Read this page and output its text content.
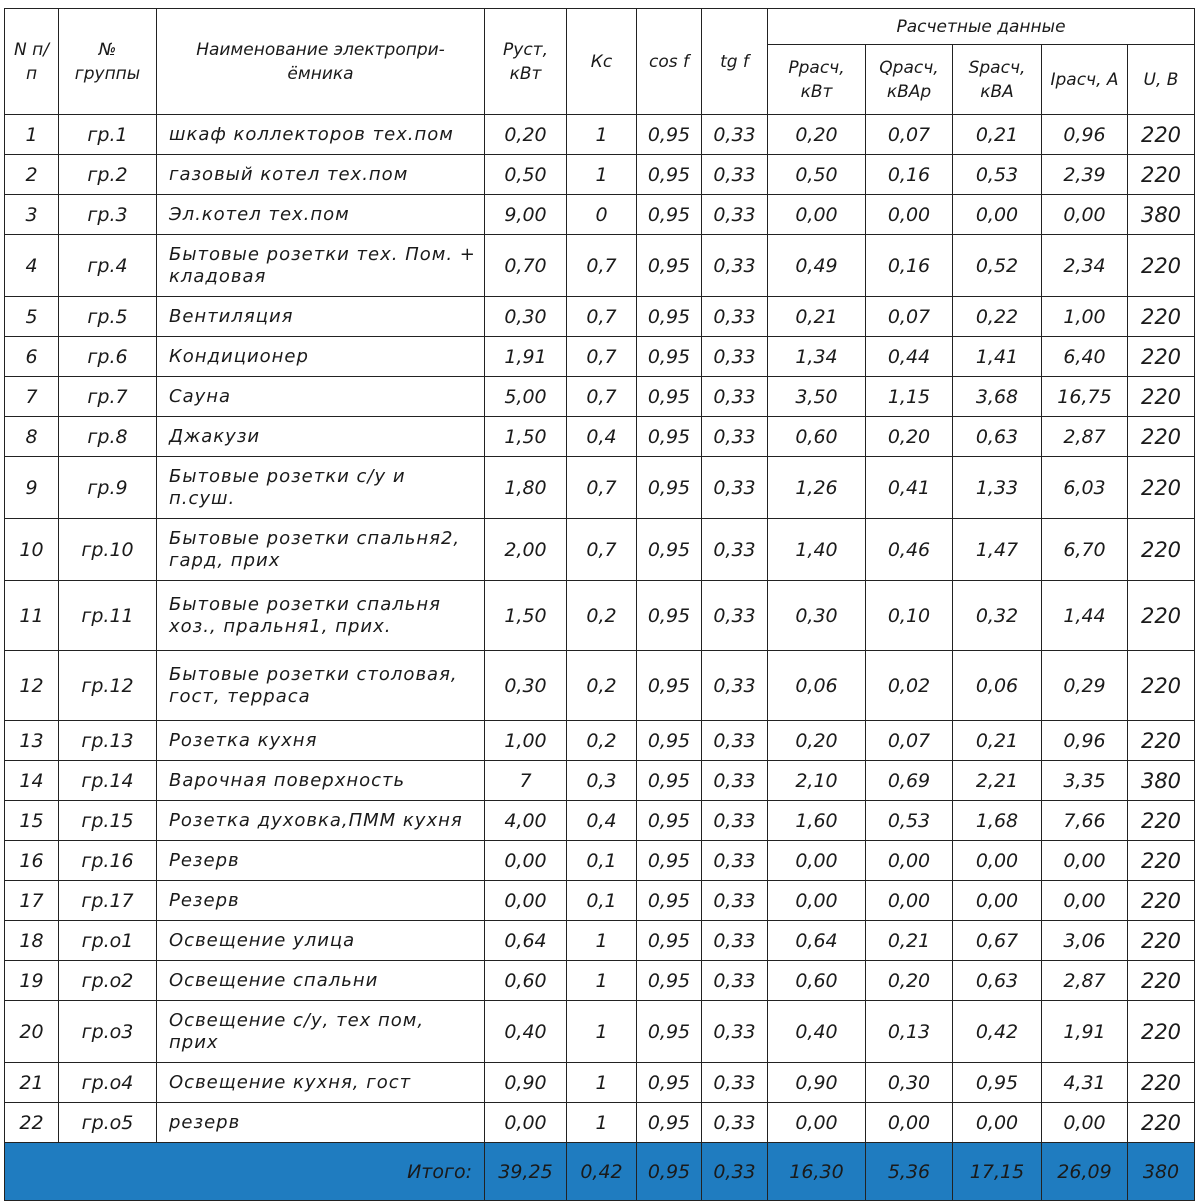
N п/п	№ группы	Наименование электропри- ёмника	Руст, кВт	Кс	cos f	tg f	Расчетные данные				
							Ррасч, кВт	Qрасч, кВАр	Sрасч, кВА	Iрасч, А	U, В
1	гр.1	шкаф коллекторов тех.пом	0,20	1	0,95	0,33	0,20	0,07	0,21	0,96	220
2	гр.2	газовый котел тех.пом	0,50	1	0,95	0,33	0,50	0,16	0,53	2,39	220
3	гр.3	Эл.котел тех.пом	9,00	0	0,95	0,33	0,00	0,00	0,00	0,00	380
4	гр.4	Бытовые розетки тех. Пом. + кладовая	0,70	0,7	0,95	0,33	0,49	0,16	0,52	2,34	220
5	гр.5	Вентиляция	0,30	0,7	0,95	0,33	0,21	0,07	0,22	1,00	220
6	гр.6	Кондиционер	1,91	0,7	0,95	0,33	1,34	0,44	1,41	6,40	220
7	гр.7	Сауна	5,00	0,7	0,95	0,33	3,50	1,15	3,68	16,75	220
8	гр.8	Джакузи	1,50	0,4	0,95	0,33	0,60	0,20	0,63	2,87	220
9	гр.9	Бытовые розетки с/у и п.суш.	1,80	0,7	0,95	0,33	1,26	0,41	1,33	6,03	220
10	гр.10	Бытовые розетки спальня2, гард, прих	2,00	0,7	0,95	0,33	1,40	0,46	1,47	6,70	220
11	гр.11	Бытовые розетки спальня хоз., пральня1, прих.	1,50	0,2	0,95	0,33	0,30	0,10	0,32	1,44	220
12	гр.12	Бытовые розетки столовая, гост, терраса	0,30	0,2	0,95	0,33	0,06	0,02	0,06	0,29	220
13	гр.13	Розетка кухня	1,00	0,2	0,95	0,33	0,20	0,07	0,21	0,96	220
14	гр.14	Варочная поверхность	7	0,3	0,95	0,33	2,10	0,69	2,21	3,35	380
15	гр.15	Розетка духовка,ПММ кухня	4,00	0,4	0,95	0,33	1,60	0,53	1,68	7,66	220
16	гр.16	Резерв	0,00	0,1	0,95	0,33	0,00	0,00	0,00	0,00	220
17	гр.17	Резерв	0,00	0,1	0,95	0,33	0,00	0,00	0,00	0,00	220
18	гр.о1	Освещение улица	0,64	1	0,95	0,33	0,64	0,21	0,67	3,06	220
19	гр.о2	Освещение спальни	0,60	1	0,95	0,33	0,60	0,20	0,63	2,87	220
20	гр.о3	Освещение с/у, тех пом, прих	0,40	1	0,95	0,33	0,40	0,13	0,42	1,91	220
21	гр.о4	Освещение кухня, гост	0,90	1	0,95	0,33	0,90	0,30	0,95	4,31	220
22	гр.о5	резерв	0,00	1	0,95	0,33	0,00	0,00	0,00	0,00	220
Итого:			39,25	0,42	0,95	0,33	16,30	5,36	17,15	26,09	380
